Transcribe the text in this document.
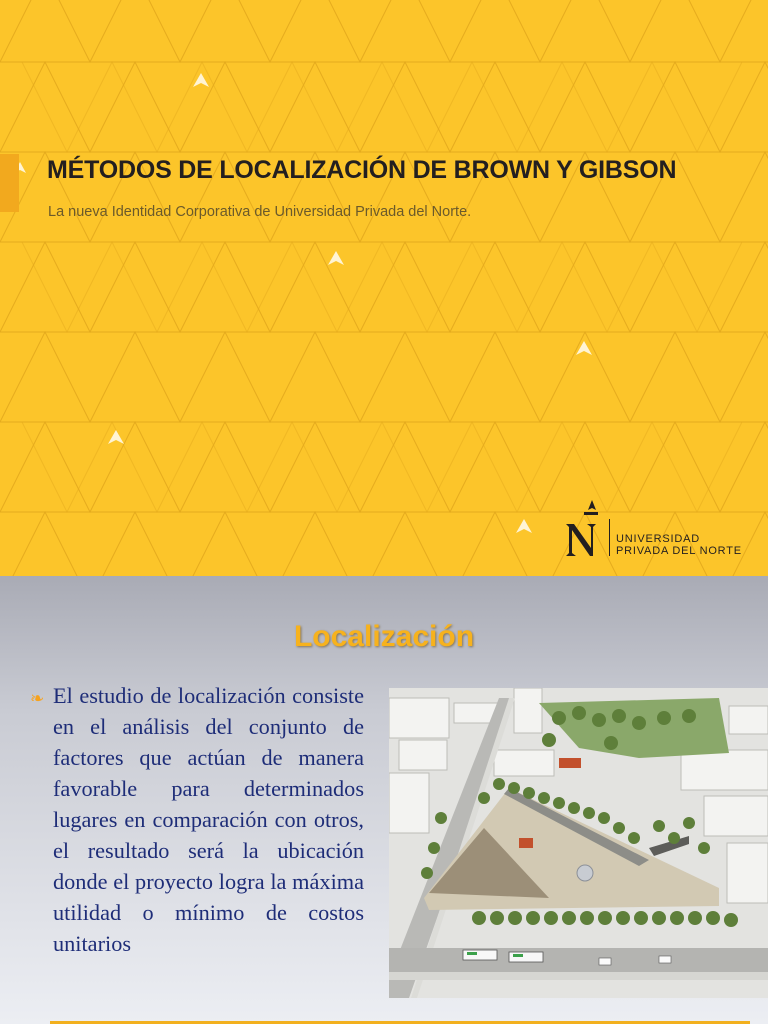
MÉTODOS DE LOCALIZACIÓN DE BROWN Y GIBSON
La nueva Identidad Corporativa de Universidad Privada del Norte.
UNIVERSIDAD
PRIVADA DEL NORTE
Localización
❧ El estudio de localización consiste en el análisis del conjunto de factores que actúan de manera favorable para determinados lugares en comparación con otros, el resultado será la ubicación donde el proyecto logra la máxima utilidad o mínimo de costos unitarios
